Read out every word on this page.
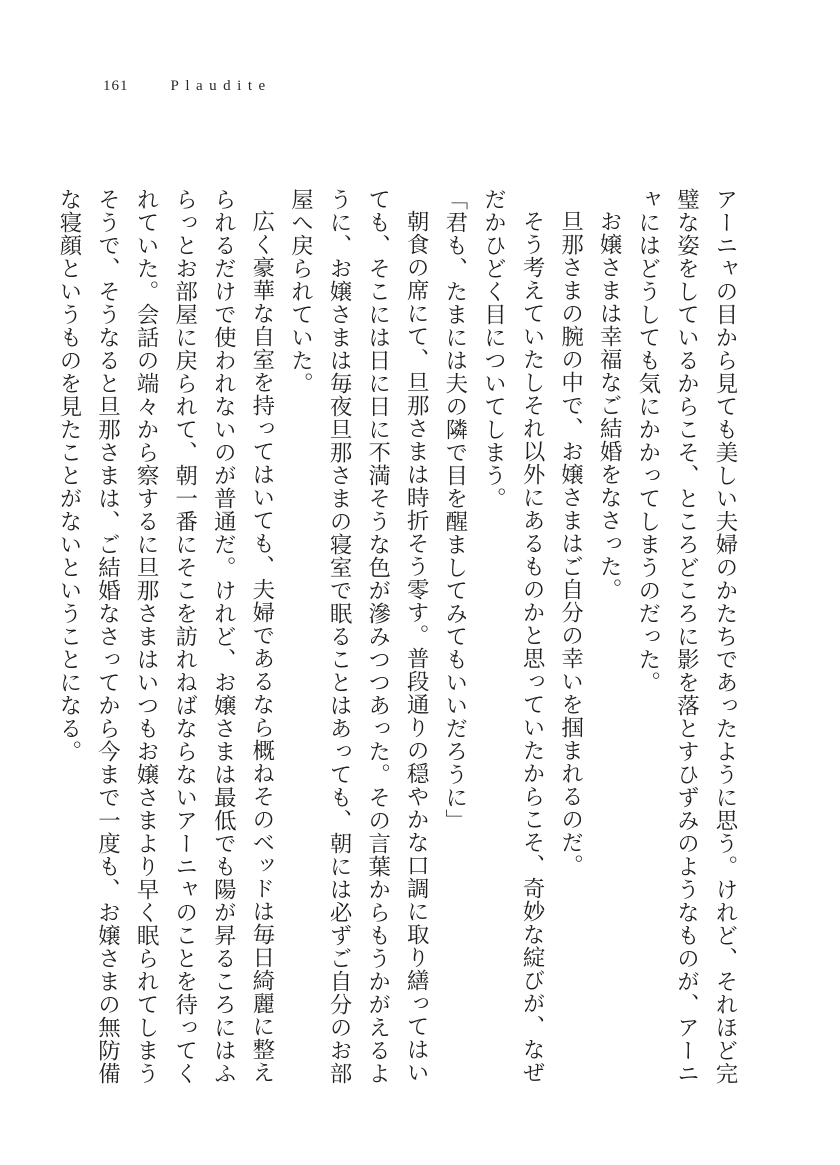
161	Plaudite

アーニャの目から見ても美しい夫婦のかたちであったように思う。けれど、それほど完璧な姿をしているからこそ、ところどころに影を落とすひずみのようなものが、アーニャにはどうしても気にかかってしまうのだった。

お嬢さまは幸福なご結婚をなさった。

旦那さまの腕の中で、お嬢さまはご自分の幸いを掴まれるのだ。

そう考えていたしそれ以外にあるものかと思っていたからこそ、奇妙な綻びが、なぜだかひどく目についてしまう。

「君も、たまには夫の隣で目を醒ましてみてもいいだろうに」

朝食の席にて、旦那さまは時折そう零す。普段通りの穏やかな口調に取り繕ってはいても、そこには日に日に不満そうな色が滲みつつあった。その言葉からもうかがえるように、お嬢さまは毎夜旦那さまの寝室で眠ることはあっても、朝には必ずご自分のお部屋へ戻られていた。

広く豪華な自室を持ってはいても、夫婦であるなら概ねそのベッドは毎日綺麗に整えられるだけで使われないのが普通だ。けれど、お嬢さまは最低でも陽が昇るころにはふらっとお部屋に戻られて、朝一番にそこを訪れねばならないアーニャのことを待ってくれていた。会話の端々から察するに旦那さまはいつもお嬢さまより早く眠られてしまうそうで、そうなると旦那さまは、ご結婚なさってから今まで一度も、お嬢さまの無防備な寝顔というものを見たことがないということになる。
